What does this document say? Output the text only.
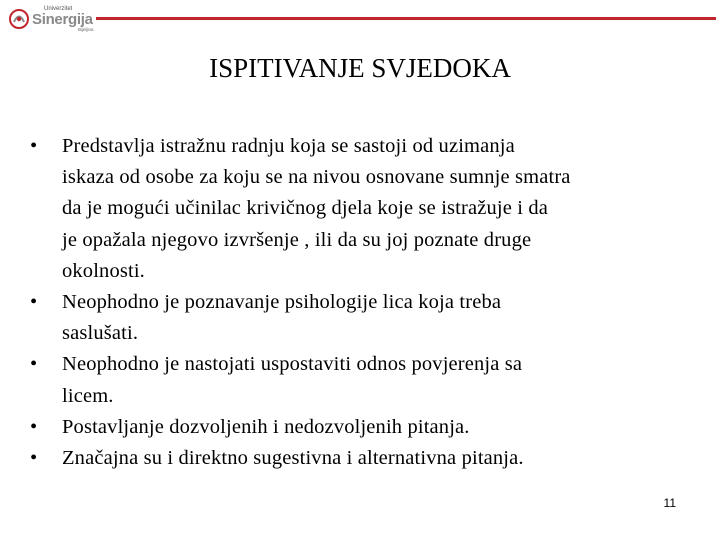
Univerzitet
Sinergija
Bijeljina
ISPITIVANJE SVJEDOKA
• Predstavlja istražnu radnju koja se sastoji od uzimanja
iskaza od osobe za koju se na nivou osnovane sumnje smatra
da je mogući učinilac krivičnog djela koje se istražuje i da
je opažala njegovo izvršenje , ili da su joj poznate druge
okolnosti.
• Neophodno je poznavanje psihologije lica koja treba
saslušati.
• Neophodno je nastojati uspostaviti odnos povjerenja sa
licem.
• Postavljanje dozvoljenih i nedozvoljenih pitanja.
• Značajna su i direktno sugestivna i alternativna pitanja.
11
